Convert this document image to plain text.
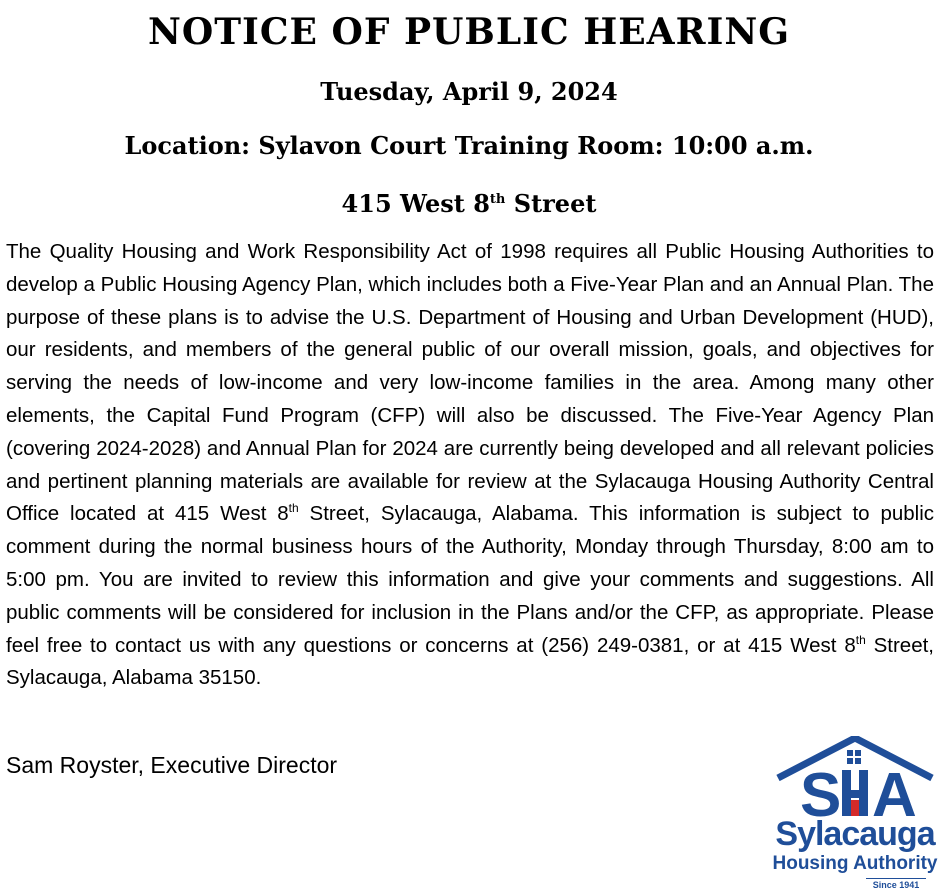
NOTICE OF PUBLIC HEARING

Tuesday, April 9, 2024

Location: Sylavon Court Training Room: 10:00 a.m.

415 West 8th Street

The Quality Housing and Work Responsibility Act of 1998 requires all Public Housing Authorities to develop a Public Housing Agency Plan, which includes both a Five-Year Plan and an Annual Plan. The purpose of these plans is to advise the U.S. Department of Housing and Urban Development (HUD), our residents, and members of the general public of our overall mission, goals, and objectives for serving the needs of low-income and very low-income families in the area. Among many other elements, the Capital Fund Program (CFP) will also be discussed. The Five-Year Agency Plan (covering 2024-2028) and Annual Plan for 2024 are currently being developed and all relevant policies and pertinent planning materials are available for review at the Sylacauga Housing Authority Central Office located at 415 West 8th Street, Sylacauga, Alabama. This information is subject to public comment during the normal business hours of the Authority, Monday through Thursday, 8:00 am to 5:00 pm. You are invited to review this information and give your comments and suggestions. All public comments will be considered for inclusion in the Plans and/or the CFP, as appropriate. Please feel free to contact us with any questions or concerns at (256) 249-0381, or at 415 West 8th Street, Sylacauga, Alabama 35150.

Sam Royster, Executive Director	S A
Sylacauga
Housing Authority
Since 1941
